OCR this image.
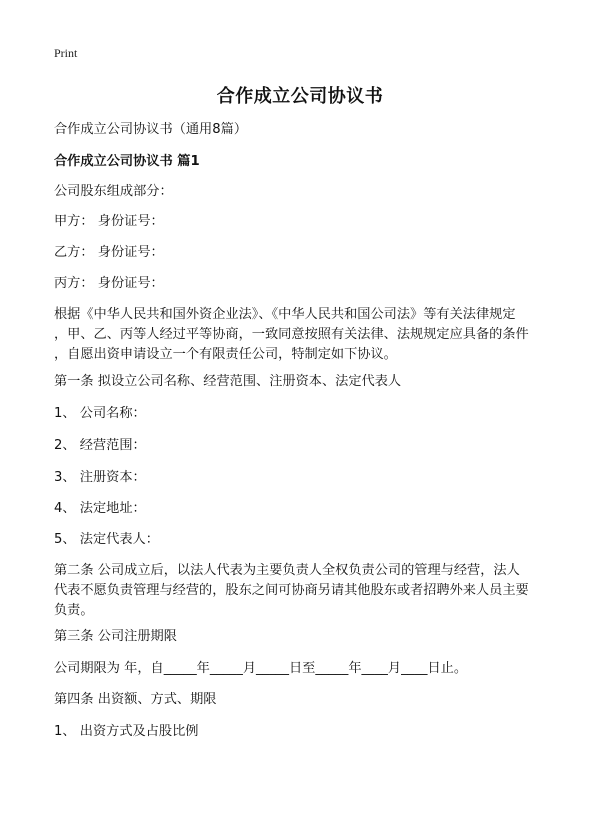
Print
合作成立公司协议书
合作成立公司协议书（通用8篇）
合作成立公司协议书 篇1
公司股东组成部分：
甲方： 身份证号：
乙方： 身份证号：
丙方： 身份证号：
根据《中华人民共和国外资企业法》、《中华人民共和国公司法》等有关法律规定
，甲、乙、丙等人经过平等协商，一致同意按照有关法律、法规规定应具备的条件
，自愿出资申请设立一个有限责任公司，特制定如下协议。
第一条 拟设立公司名称、经营范围、注册资本、法定代表人
1、 公司名称：
2、 经营范围：
3、 注册资本：
4、 法定地址：
5、 法定代表人：
第二条 公司成立后，以法人代表为主要负责人全权负责公司的管理与经营，法人
代表不愿负责管理与经营的，股东之间可协商另请其他股东或者招聘外来人员主要
负责。
第三条 公司注册期限
公司期限为 年，自_____年_____月_____日至_____年____月____日止。
第四条 出资额、方式、期限
1、 出资方式及占股比例
